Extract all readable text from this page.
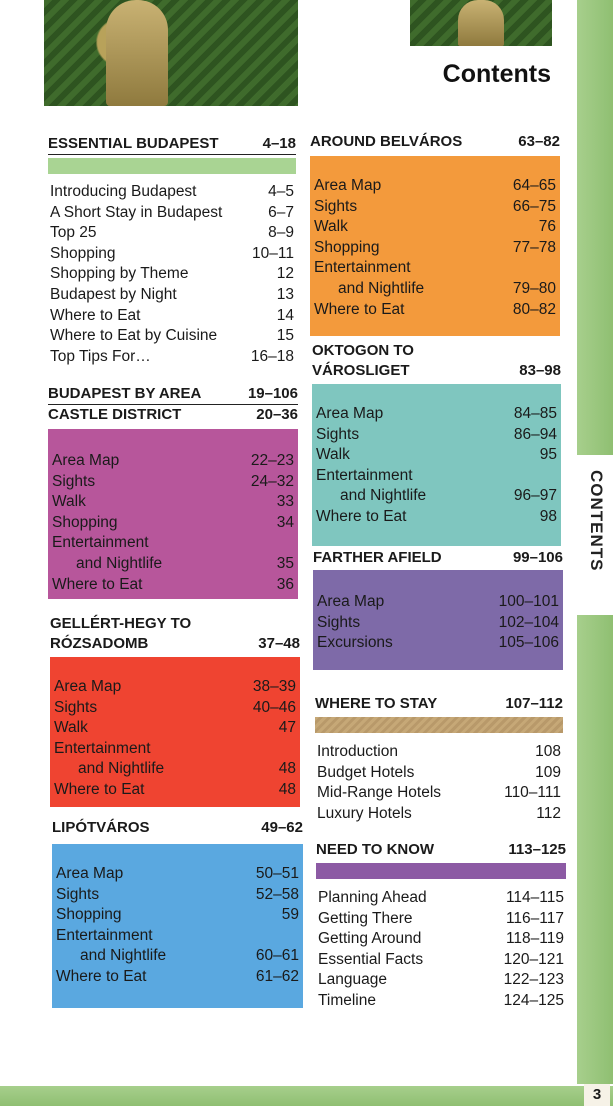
Contents
CONTENTS
3
ESSENTIAL BUDAPEST	4–18
Introducing Budapest	4–5
A Short Stay in Budapest	6–7
Top 25	8–9
Shopping	10–11
Shopping by Theme	12
Budapest by Night	13
Where to Eat	14
Where to Eat by Cuisine	15
Top Tips For…	16–18
BUDAPEST BY AREA	19–106
CASTLE DISTRICT	20–36
Area Map	22–23
Sights	24–32
Walk	33
Shopping	34
Entertainment
and Nightlife	35
Where to Eat	36
GELLÉRT-HEGY TO
RÓZSADOMB	37–48
Area Map	38–39
Sights	40–46
Walk	47
Entertainment
and Nightlife	48
Where to Eat	48
LIPÓTVÁROS	49–62
Area Map	50–51
Sights	52–58
Shopping	59
Entertainment
and Nightlife	60–61
Where to Eat	61–62
AROUND BELVÁROS	63–82
Area Map	64–65
Sights	66–75
Walk	76
Shopping	77–78
Entertainment
and Nightlife	79–80
Where to Eat	80–82
OKTOGON TO
VÁROSLIGET	83–98
Area Map	84–85
Sights	86–94
Walk	95
Entertainment
and Nightlife	96–97
Where to Eat	98
FARTHER AFIELD	99–106
Area Map	100–101
Sights	102–104
Excursions	105–106
WHERE TO STAY	107–112
Introduction	108
Budget Hotels	109
Mid-Range Hotels	110–111
Luxury Hotels	112
NEED TO KNOW	113–125
Planning Ahead	114–115
Getting There	116–117
Getting Around	118–119
Essential Facts	120–121
Language	122–123
Timeline	124–125
